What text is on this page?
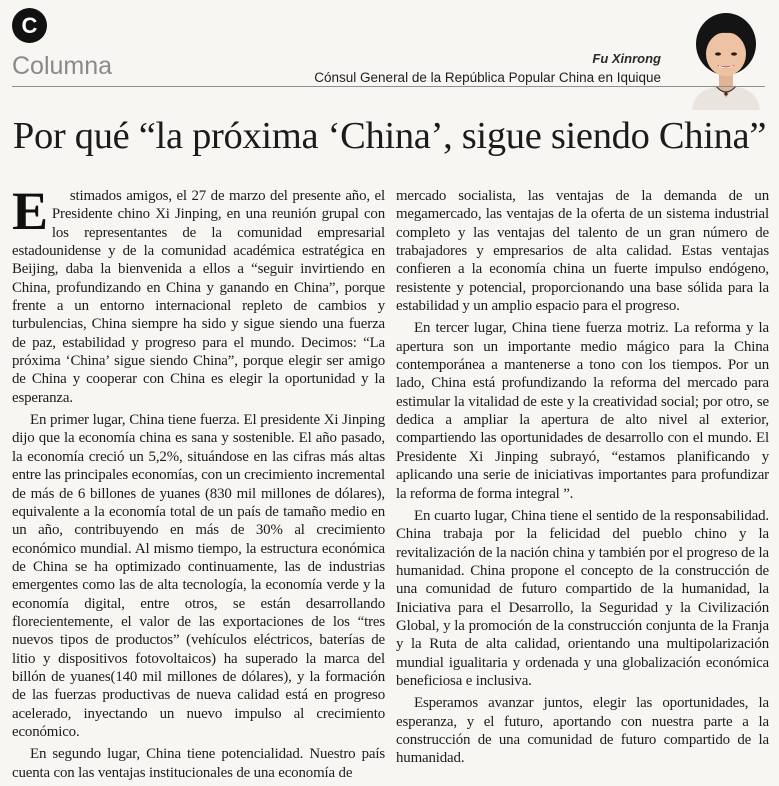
C
Columna	Fu Xinrong
Cónsul General de la República Popular China en Iquique
Por qué “la próxima ‘China’, sigue siendo China”

E stimados amigos, el 27 de marzo del presente año, el Presidente chino Xi Jinping, en una reunión grupal con los representantes de la comunidad empresarial estadounidense y de la comunidad académica estratégica en Beijing, daba la bienvenida a ellos a “seguir invirtiendo en China, profundizando en China y ganando en China”, porque frente a un entorno internacional repleto de cambios y turbulencias, China siempre ha sido y sigue siendo una fuerza de paz, estabilidad y progreso para el mundo. Decimos: “La próxima ‘China’ sigue siendo China”, porque elegir ser amigo de China y cooperar con China es elegir la oportunidad y la esperanza.

En primer lugar, China tiene fuerza. El presidente Xi Jinping dijo que la economía china es sana y sostenible. El año pasado, la economía creció un 5,2%, situándose en las cifras más altas entre las principales economías, con un crecimiento incremental de más de 6 billones de yuanes (830 mil millones de dólares), equivalente a la economía total de un país de tamaño medio en un año, contribuyendo en más de 30% al crecimiento económico mundial. Al mismo tiempo, la estructura económica de China se ha optimizado continuamente, las de industrias emergentes como las de alta tecnología, la economía verde y la economía digital, entre otros, se están desarrollando florecientemente, el valor de las exportaciones de los “tres nuevos tipos de productos” (vehículos eléctricos, baterías de litio y dispositivos fotovoltaicos) ha superado la marca del billón de yuanes(140 mil millones de dólares), y la formación de las fuerzas productivas de nueva calidad está en progreso acelerado, inyectando un nuevo impulso al crecimiento económico.

En segundo lugar, China tiene potencialidad. Nuestro país cuenta con las ventajas institucionales de una economía de

mercado socialista, las ventajas de la demanda de un megamercado, las ventajas de la oferta de un sistema industrial completo y las ventajas del talento de un gran número de trabajadores y empresarios de alta calidad. Estas ventajas confieren a la economía china un fuerte impulso endógeno, resistente y potencial, proporcionando una base sólida para la estabilidad y un amplio espacio para el progreso.

En tercer lugar, China tiene fuerza motriz. La reforma y la apertura son un importante medio mágico para la China contemporánea a mantenerse a tono con los tiempos. Por un lado, China está profundizando la reforma del mercado para estimular la vitalidad de este y la creatividad social; por otro, se dedica a ampliar la apertura de alto nivel al exterior, compartiendo las oportunidades de desarrollo con el mundo. El Presidente Xi Jinping subrayó, “estamos planificando y aplicando una serie de iniciativas importantes para profundizar la reforma de forma integral ”.

En cuarto lugar, China tiene el sentido de la responsabilidad. China trabaja por la felicidad del pueblo chino y la revitalización de la nación china y también por el progreso de la humanidad. China propone el concepto de la construcción de una comunidad de futuro compartido de la humanidad, la Iniciativa para el Desarrollo, la Seguridad y la Civilización Global, y la promoción de la construcción conjunta de la Franja y la Ruta de alta calidad, orientando una multipolarización mundial igualitaria y ordenada y una globalización económica beneficiosa e inclusiva.

Esperamos avanzar juntos, elegir las oportunidades, la esperanza, y el futuro, aportando con nuestra parte a la construcción de una comunidad de futuro compartido de la humanidad.
